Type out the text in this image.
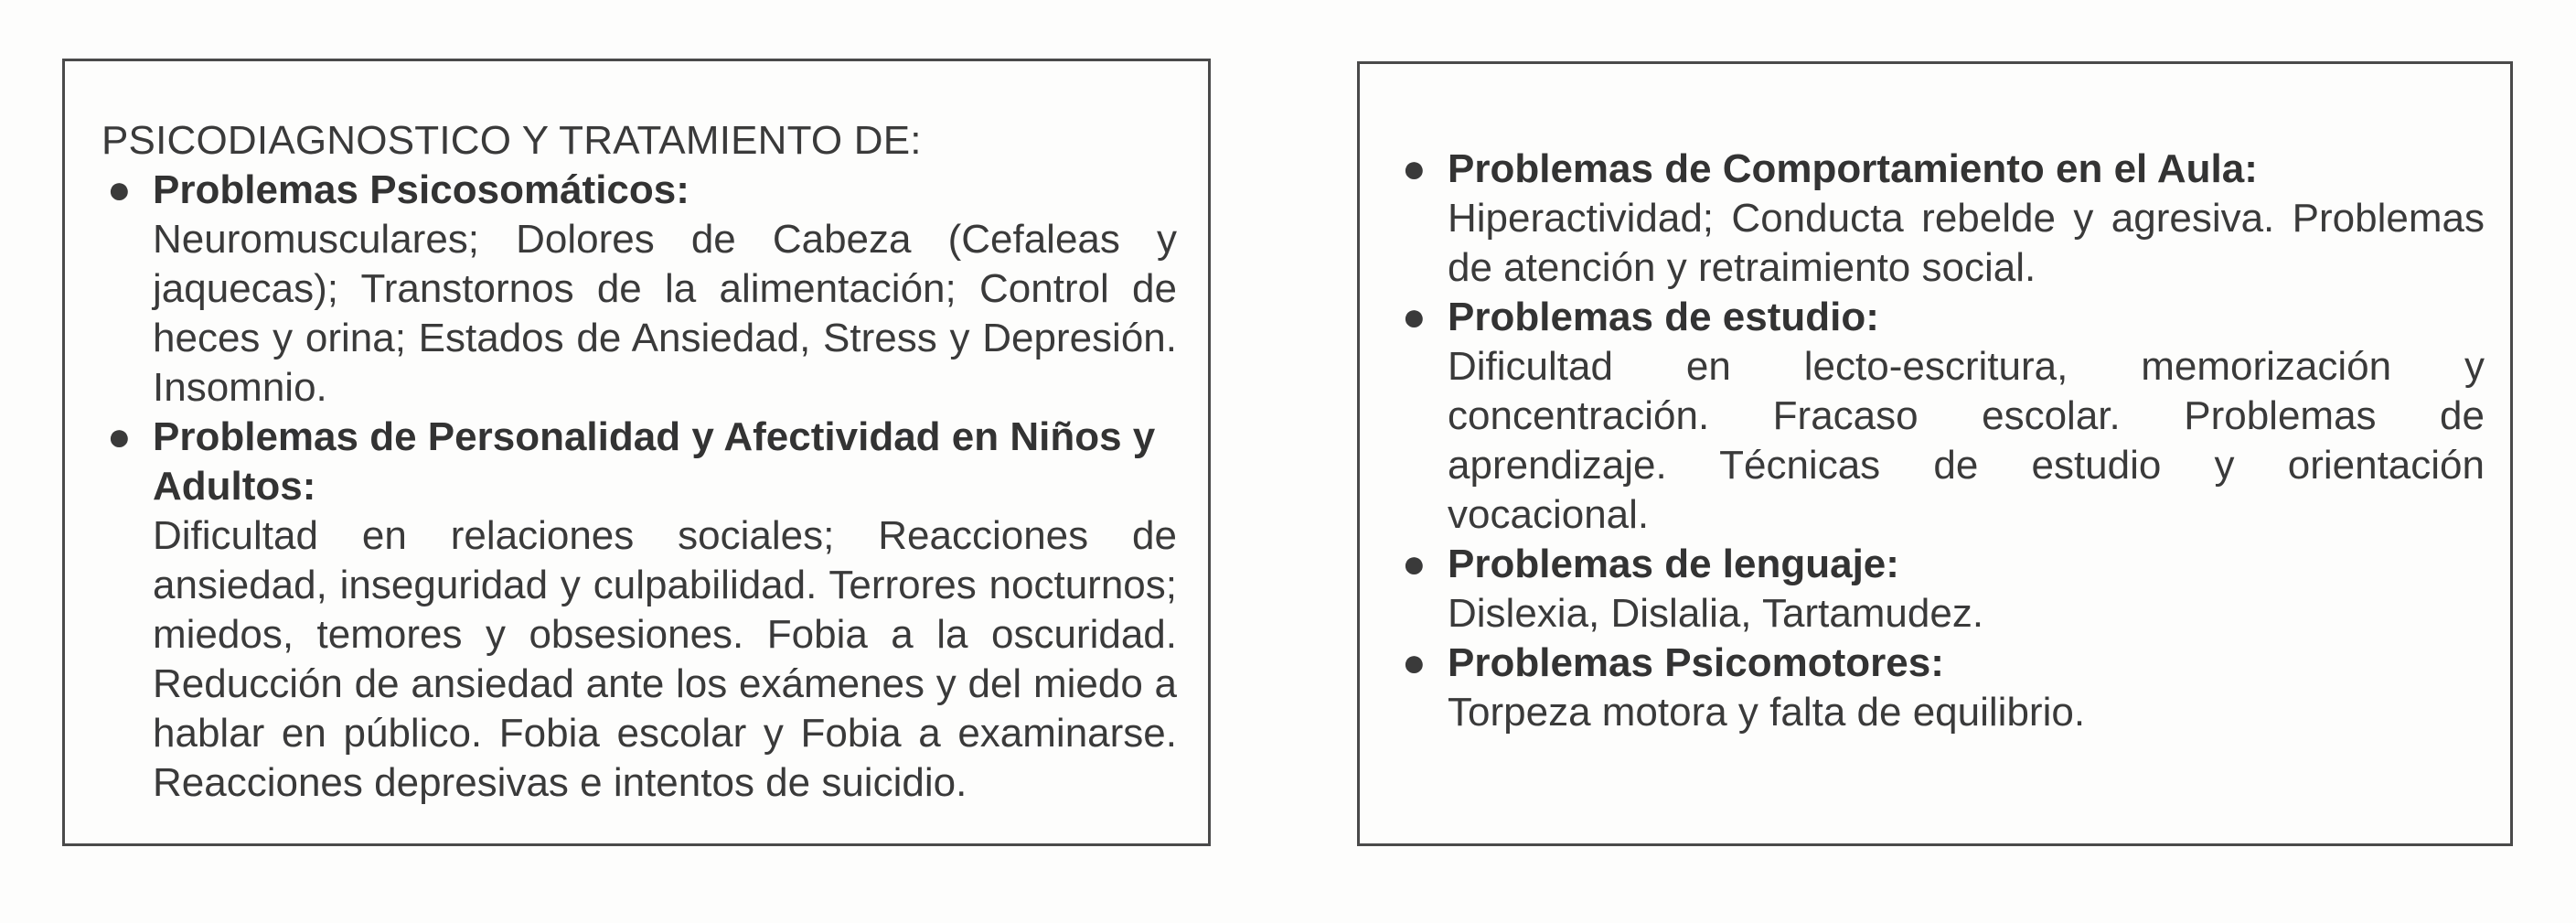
PSICODIAGNOSTICO Y TRATAMIENTO DE:
● Problemas Psicosomáticos:
Neuromusculares; Dolores de Cabeza (Cefaleas y jaquecas); Transtornos de la alimentación; Control de heces y orina; Estados de Ansiedad, Stress y Depresión. Insomnio.
● Problemas de Personalidad y Afectividad en Niños y Adultos:
Dificultad en relaciones sociales; Reacciones de ansiedad, inseguridad y culpabilidad. Terrores nocturnos; miedos, temores y obsesiones. Fobia a la oscuridad. Reducción de ansiedad ante los exámenes y del miedo a hablar en público. Fobia escolar y Fobia a examinarse. Reacciones depresivas e intentos de suicidio.
● Problemas de Comportamiento en el Aula:
Hiperactividad; Conducta rebelde y agresiva. Problemas de atención y retraimiento social.
● Problemas de estudio:
Dificultad en lecto-escritura, memorización y concentración. Fracaso escolar. Problemas de aprendizaje. Técnicas de estudio y orientación vocacional.
● Problemas de lenguaje:
Dislexia, Dislalia, Tartamudez.
● Problemas Psicomotores:
Torpeza motora y falta de equilibrio.
